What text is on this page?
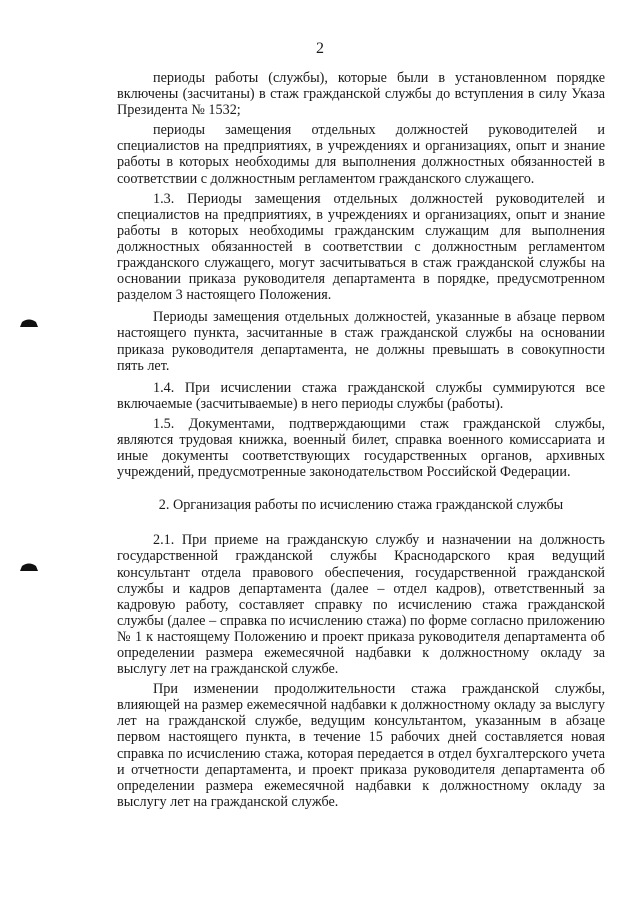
2

периоды работы (службы), которые были в установленном порядке включены (засчитаны) в стаж гражданской службы до вступления в силу Указа Президента № 1532;

периоды замещения отдельных должностей руководителей и специалистов на предприятиях, в учреждениях и организациях, опыт и знание работы в которых необходимы для выполнения должностных обязанностей в соответствии с должностным регламентом гражданского служащего.

1.3. Периоды замещения отдельных должностей руководителей и специалистов на предприятиях, в учреждениях и организациях, опыт и знание работы в которых необходимы гражданским служащим для выполнения должностных обязанностей в соответствии с должностным регламентом гражданского служащего, могут засчитываться в стаж гражданской службы на основании приказа руководителя департамента в порядке, предусмотренном разделом 3 настоящего Положения.

Периоды замещения отдельных должностей, указанные в абзаце первом настоящего пункта, засчитанные в стаж гражданской службы на основании приказа руководителя департамента, не должны превышать в совокупности пять лет.

1.4. При исчислении стажа гражданской службы суммируются все включаемые (засчитываемые) в него периоды службы (работы).

1.5. Документами, подтверждающими стаж гражданской службы, являются трудовая книжка, военный билет, справка военного комиссариата и иные документы соответствующих государственных органов, архивных учреждений, предусмотренные законодательством Российской Федерации.

2. Организация работы по исчислению стажа гражданской службы

2.1. При приеме на гражданскую службу и назначении на должность государственной гражданской службы Краснодарского края ведущий консультант отдела правового обеспечения, государственной гражданской службы и кадров департамента (далее – отдел кадров), ответственный за кадровую работу, составляет справку по исчислению стажа гражданской службы (далее – справка по исчислению стажа) по форме согласно приложению № 1 к настоящему Положению и проект приказа руководителя департамента об определении размера ежемесячной надбавки к должностному окладу за выслугу лет на гражданской службе.

При изменении продолжительности стажа гражданской службы, влияющей на размер ежемесячной надбавки к должностному окладу за выслугу лет на гражданской службе, ведущим консультантом, указанным в абзаце первом настоящего пункта, в течение 15 рабочих дней составляется новая справка по исчислению стажа, которая передается в отдел бухгалтерского учета и отчетности департамента, и проект приказа руководителя департамента об определении размера ежемесячной надбавки к должностному окладу за выслугу лет на гражданской службе.
